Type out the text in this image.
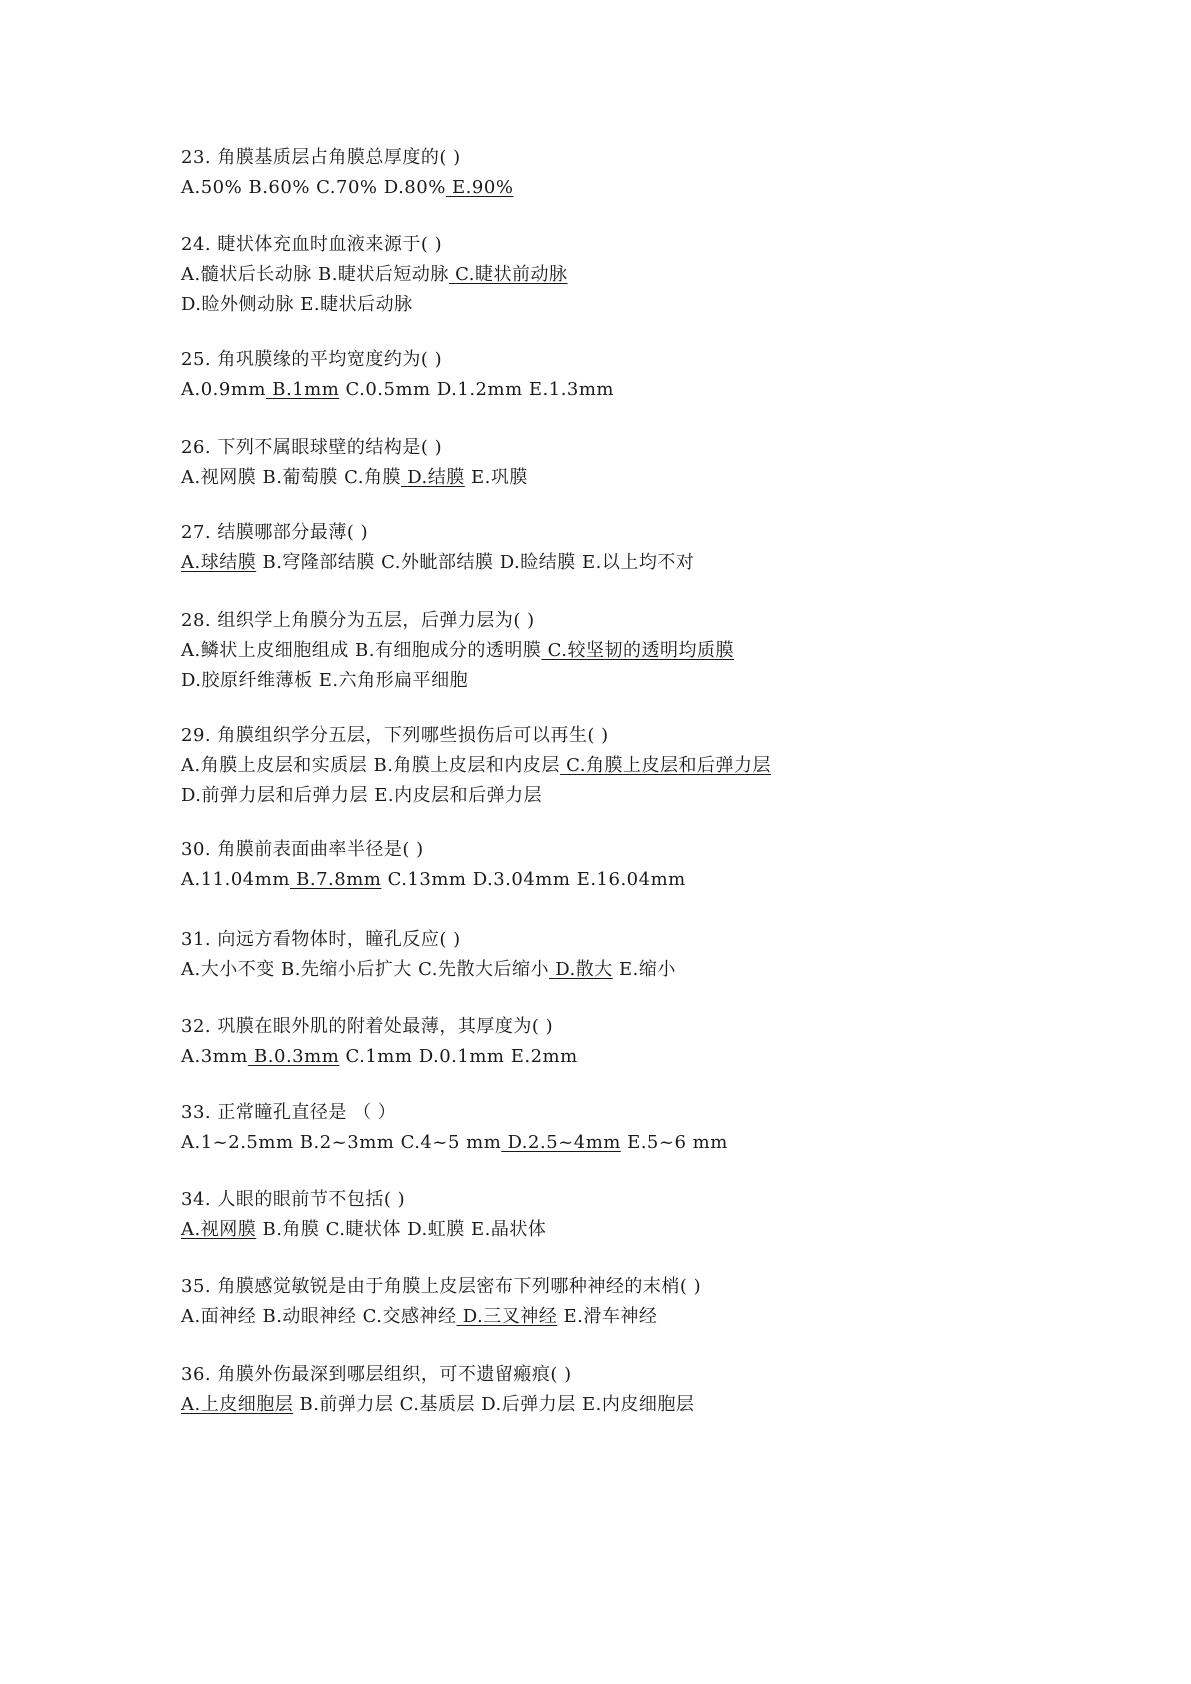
23. 角膜基质层占角膜总厚度的( )
A.50% B.60% C.70% D.80% E.90%
24. 睫状体充血时血液来源于( )
A.髓状后长动脉 B.睫状后短动脉 C.睫状前动脉
D.睑外侧动脉 E.睫状后动脉
25. 角巩膜缘的平均宽度约为( )
A.0.9mm B.1mm C.0.5mm D.1.2mm E.1.3mm
26. 下列不属眼球壁的结构是( )
A.视网膜 B.葡萄膜 C.角膜 D.结膜 E.巩膜
27. 结膜哪部分最薄( )
A.球结膜 B.穹隆部结膜 C.外眦部结膜 D.睑结膜 E.以上均不对
28. 组织学上角膜分为五层，后弹力层为( )
A.鳞状上皮细胞组成 B.有细胞成分的透明膜 C.较坚韧的透明均质膜
D.胶原纤维薄板 E.六角形扁平细胞
29. 角膜组织学分五层，下列哪些损伤后可以再生( )
A.角膜上皮层和实质层 B.角膜上皮层和内皮层 C.角膜上皮层和后弹力层
D.前弹力层和后弹力层 E.内皮层和后弹力层
30. 角膜前表面曲率半径是( )
A.11.04mm B.7.8mm C.13mm D.3.04mm E.16.04mm
31. 向远方看物体时，瞳孔反应( )
A.大小不变 B.先缩小后扩大 C.先散大后缩小 D.散大 E.缩小
32. 巩膜在眼外肌的附着处最薄，其厚度为( )
A.3mm B.0.3mm C.1mm D.0.1mm E.2mm
33. 正常瞳孔直径是 （ ）
A.1~2.5mm B.2~3mm C.4~5 mm D.2.5~4mm E.5~6 mm
34. 人眼的眼前节不包括( )
A.视网膜 B.角膜 C.睫状体 D.虹膜 E.晶状体
35. 角膜感觉敏锐是由于角膜上皮层密布下列哪种神经的末梢( )
A.面神经 B.动眼神经 C.交感神经 D.三叉神经 E.滑车神经
36. 角膜外伤最深到哪层组织，可不遗留瘢痕( )
A.上皮细胞层 B.前弹力层 C.基质层 D.后弹力层 E.内皮细胞层
